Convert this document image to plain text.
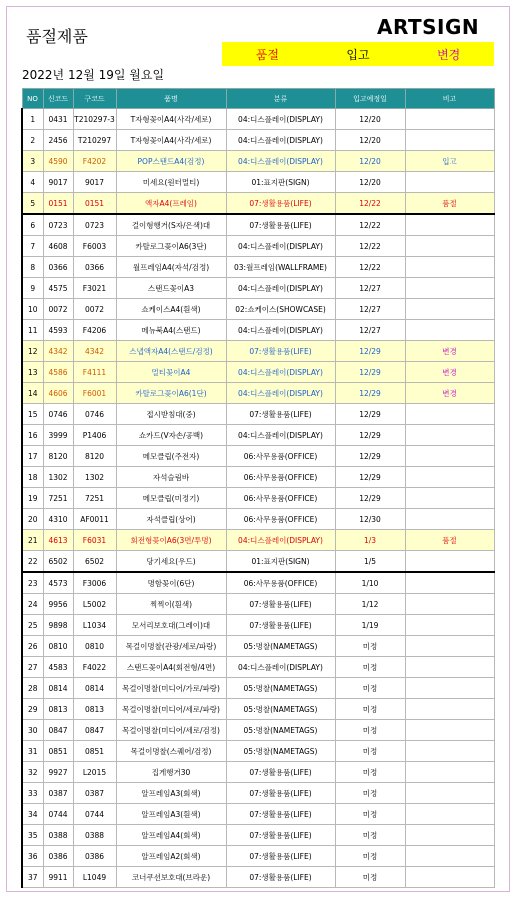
품절제품	ARTSIGN
품절	입고	변경
2022년 12월 19일 월요일
NO	신코드	구코드	품명	분류	입고예정일	비고
1	0431	T210297-3	T자형꽂이A4(사각/세로)	04:디스플레이(DISPLAY)	12/20	
2	2456	T210297	T자형꽂이A4(사각/세로)	04:디스플레이(DISPLAY)	12/20	
3	4590	F4202	POP스탠드A4(검정)	04:디스플레이(DISPLAY)	12/20	입고
4	9017	9017	미세요(원터멀티)	01:표지판(SIGN)	12/20	
5	0151	0151	액자A4(프레임)	07:생활용품(LIFE)	12/22	품절
6	0723	0723	걸이형행거(S자/은색)대	07:생활용품(LIFE)	12/22	
7	4608	F6003	카탈로그꽂이A6(3단)	04:디스플레이(DISPLAY)	12/22	
8	0366	0366	월프레임A4(자석/검정)	03:월프레임(WALLFRAME)	12/22	
9	4575	F3021	스탠드꽂이A3	04:디스플레이(DISPLAY)	12/27	
10	0072	0072	쇼케이스A4(흰색)	02:쇼케이스(SHOWCASE)	12/27	
11	4593	F4206	메뉴북A4(스탠드)	04:디스플레이(DISPLAY)	12/27	
12	4342	4342	스냅액자A4(스탠드/검정)	07:생활용품(LIFE)	12/29	변경
13	4586	F4111	멀티꽂이A4	04:디스플레이(DISPLAY)	12/29	변경
14	4606	F6001	카탈로그꽂이A6(1단)	04:디스플레이(DISPLAY)	12/29	변경
15	0746	0746	접시받침대(중)	07:생활용품(LIFE)	12/29	
16	3999	P1406	쇼카드(V자손/공백)	04:디스플레이(DISPLAY)	12/29	
17	8120	8120	메모클립(주전자)	06:사무용품(OFFICE)	12/29	
18	1302	1302	자석슬림바	06:사무용품(OFFICE)	12/29	
19	7251	7251	메모클립(미정기)	06:사무용품(OFFICE)	12/29	
20	4310	AF0011	자석클립(상어)	06:사무용품(OFFICE)	12/30	
21	4613	F6031	회전형꽂이A6(3면/투명)	04:디스플레이(DISPLAY)	1/3	품절
22	6502	6502	당기세요(우드)	01:표지판(SIGN)	1/5	
23	4573	F3006	명함꽂이(6단)	06:사무용품(OFFICE)	1/10	
24	9956	L5002	찍찍이(흰색)	07:생활용품(LIFE)	1/12	
25	9898	L1034	모서리보호대(그레이)대	07:생활용품(LIFE)	1/19	
26	0810	0810	목걸이명찰(관광/세로/파랑)	05:명찰(NAMETAGS)	미정	
27	4583	F4022	스탠드꽂이A4(회전형/4면)	04:디스플레이(DISPLAY)	미정	
28	0814	0814	목걸이명찰(미디어/가로/파랑)	05:명찰(NAMETAGS)	미정	
29	0813	0813	목걸이명찰(미디어/세로/파랑)	05:명찰(NAMETAGS)	미정	
30	0847	0847	목걸이명찰(미디어/세로/검정)	05:명찰(NAMETAGS)	미정	
31	0851	0851	목걸이명찰(스퀘어/검정)	05:명찰(NAMETAGS)	미정	
32	9927	L2015	집게행거30	07:생활용품(LIFE)	미정	
33	0387	0387	알프레임A3(회색)	07:생활용품(LIFE)	미정	
34	0744	0744	알프레임A3(흰색)	07:생활용품(LIFE)	미정	
35	0388	0388	알프레임A4(회색)	07:생활용품(LIFE)	미정	
36	0386	0386	알프레임A2(회색)	07:생활용품(LIFE)	미정	
37	9911	L1049	코너쿠션보호대(브라운)	07:생활용품(LIFE)	미정	
